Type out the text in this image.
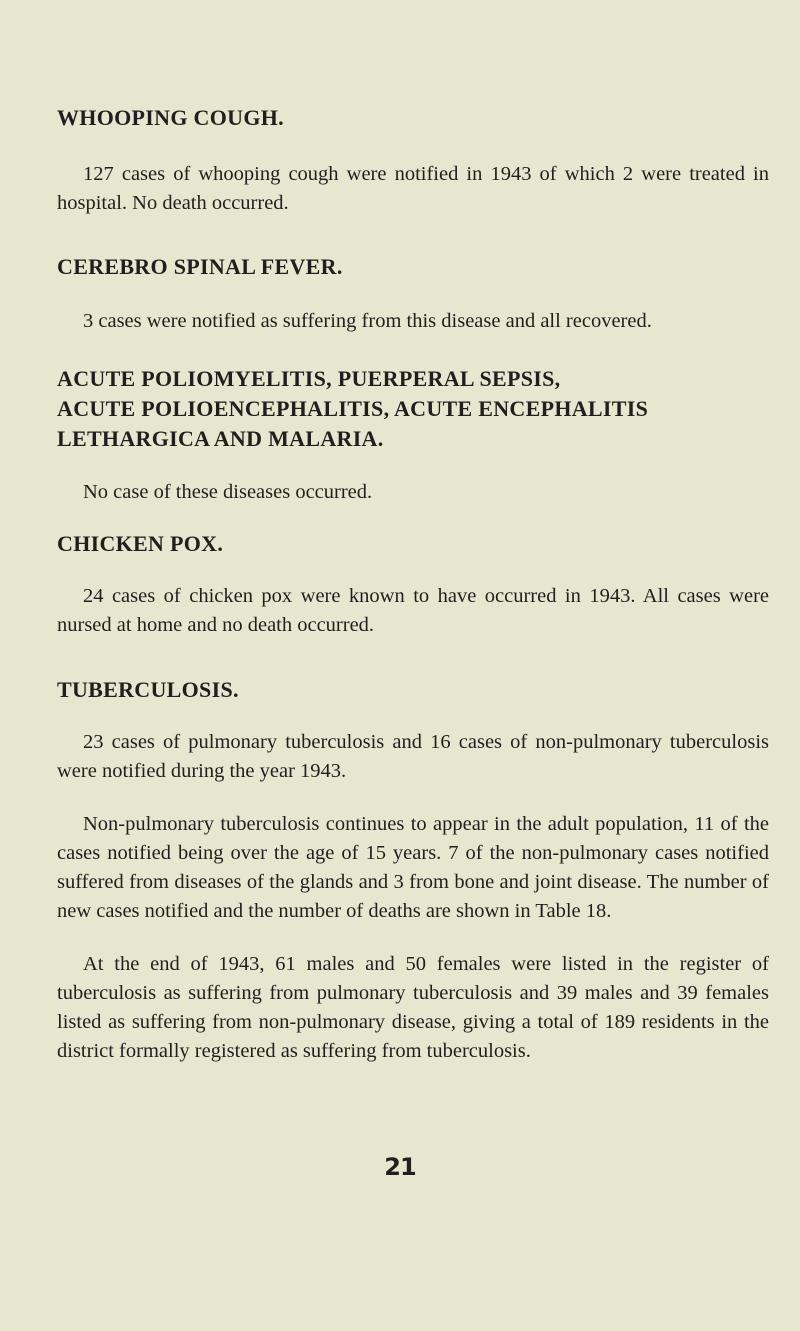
WHOOPING COUGH.

127 cases of whooping cough were notified in 1943 of which 2 were treated in hospital. No death occurred.

CEREBRO SPINAL FEVER.

3 cases were notified as suffering from this disease and all recovered.

ACUTE POLIOMYELITIS, PUERPERAL SEPSIS,
ACUTE POLIOENCEPHALITIS, ACUTE ENCEPHALITIS
LETHARGICA AND MALARIA.

No case of these diseases occurred.

CHICKEN POX.

24 cases of chicken pox were known to have occurred in 1943. All cases were nursed at home and no death occurred.

TUBERCULOSIS.

23 cases of pulmonary tuberculosis and 16 cases of non-pulmonary tuberculosis were notified during the year 1943.

Non-pulmonary tuberculosis continues to appear in the adult population, 11 of the cases notified being over the age of 15 years. 7 of the non-pulmonary cases notified suffered from diseases of the glands and 3 from bone and joint disease. The number of new cases notified and the number of deaths are shown in Table 18.

At the end of 1943, 61 males and 50 females were listed in the register of tuberculosis as suffering from pulmonary tuberculosis and 39 males and 39 females listed as suffering from non-pulmonary disease, giving a total of 189 residents in the district formally registered as suffering from tuberculosis.

21
